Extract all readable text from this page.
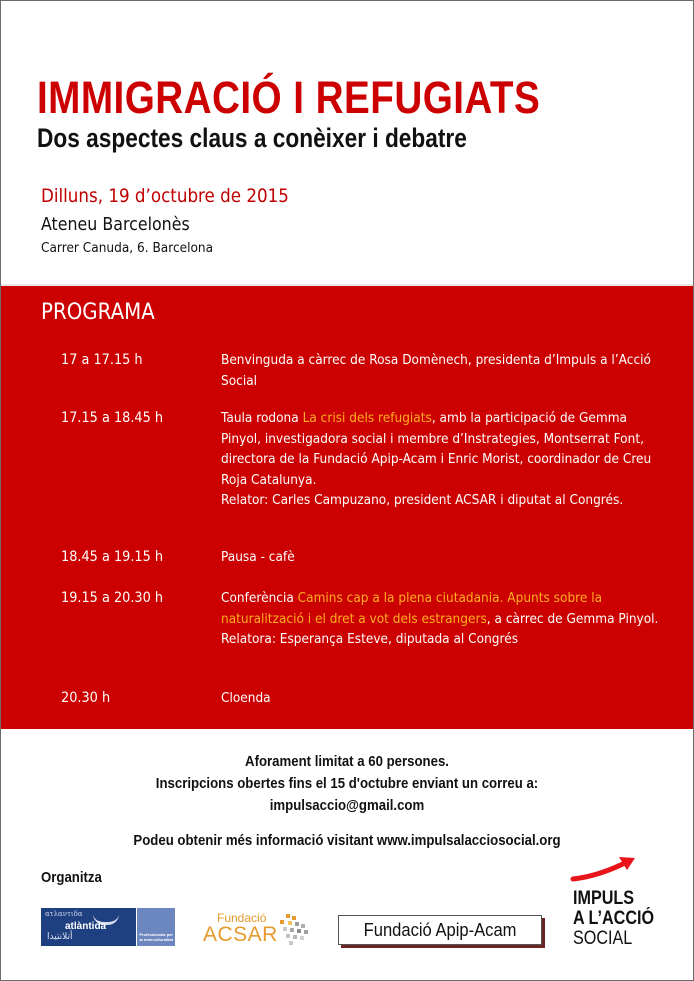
IMMIGRACIÓ I REFUGIATS
Dos aspectes claus a conèixer i debatre
Dilluns, 19 d’octubre de 2015
Ateneu Barcelonès
Carrer Canuda, 6. Barcelona
PROGRAMA
17 a 17.15 h	Benvinguda a càrrec de Rosa Domènech, presidenta d’Impuls a l’Acció Social
17.15 a 18.45 h	Taula rodona La crisi dels refugiats, amb la participació de Gemma Pinyol, investigadora social i membre d’Instrategies, Montserrat Font, directora de la Fundació Apip-Acam i Enric Morist, coordinador de Creu Roja Catalunya.
Relator: Carles Campuzano, president ACSAR i diputat al Congrés.
18.45 a 19.15 h	Pausa - cafè
19.15 a 20.30 h	Conferència Camins cap a la plena ciutadania. Apunts sobre la naturalització i el dret a vot dels estrangers, a càrrec de Gemma Pinyol.
Relatora: Esperança Esteve, diputada al Congrés
20.30 h	Cloenda
Aforament limitat a 60 persones.
Inscripcions obertes fins el 15 d'octubre enviant un correu a:
impulsaccio@gmail.com
Podeu obtenir més informació visitant www.impulsalacciosocial.org
Organitza
ατλαντιδα
atlàntida
أتلانتيدا	Professionals per la interculturalitat
Fundació
ACSAR	Fundació Apip-Acam
IMPULS
A L’ACCIÓ
SOCIAL
